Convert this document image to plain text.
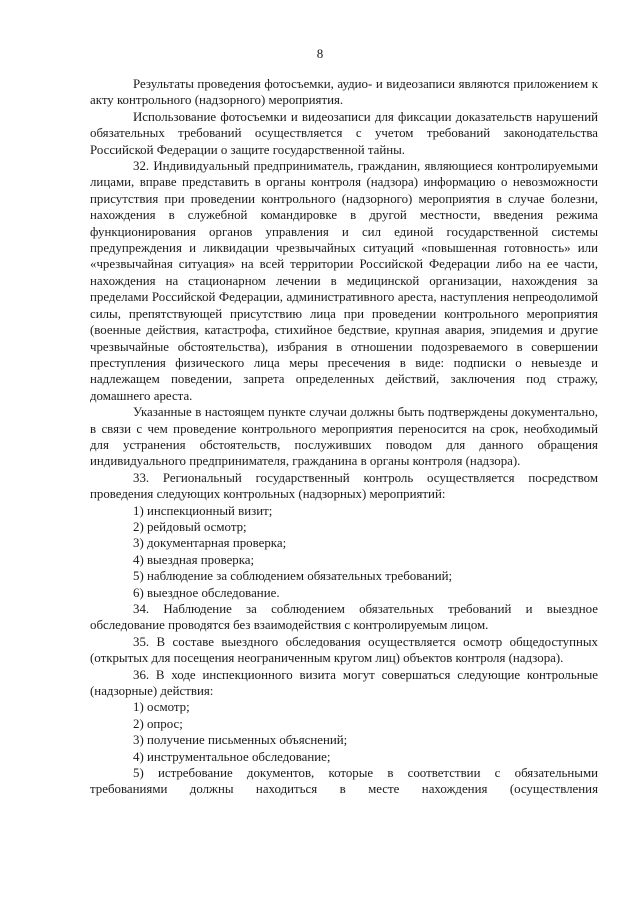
8

Результаты проведения фотосъемки, аудио- и видеозаписи являются приложением к акту контрольного (надзорного) мероприятия.

Использование фотосъемки и видеозаписи для фиксации доказательств нарушений обязательных требований осуществляется с учетом требований законодательства Российской Федерации о защите государственной тайны.

32. Индивидуальный предприниматель, гражданин, являющиеся контролируемыми лицами, вправе представить в органы контроля (надзора) информацию о невозможности присутствия при проведении контрольного (надзорного) мероприятия в случае болезни, нахождения в служебной командировке в другой местности, введения режима функционирования органов управления и сил единой государственной системы предупреждения и ликвидации чрезвычайных ситуаций «повышенная готовность» или «чрезвычайная ситуация» на всей территории Российской Федерации либо на ее части, нахождения на стационарном лечении в медицинской организации, нахождения за пределами Российской Федерации, административного ареста, наступления непреодолимой силы, препятствующей присутствию лица при проведении контрольного мероприятия (военные действия, катастрофа, стихийное бедствие, крупная авария, эпидемия и другие чрезвычайные обстоятельства), избрания в отношении подозреваемого в совершении преступления физического лица меры пресечения в виде: подписки о невыезде и надлежащем поведении, запрета определенных действий, заключения под стражу, домашнего ареста.

Указанные в настоящем пункте случаи должны быть подтверждены документально, в связи с чем проведение контрольного мероприятия переносится на срок, необходимый для устранения обстоятельств, послуживших поводом для данного обращения индивидуального предпринимателя, гражданина в органы контроля (надзора).

33. Региональный государственный контроль осуществляется посредством проведения следующих контрольных (надзорных) мероприятий:

1) инспекционный визит;

2) рейдовый осмотр;

3) документарная проверка;

4) выездная проверка;

5) наблюдение за соблюдением обязательных требований;

6) выездное обследование.

34. Наблюдение за соблюдением обязательных требований и выездное обследование проводятся без взаимодействия с контролируемым лицом.

35. В составе выездного обследования осуществляется осмотр общедоступных (открытых для посещения неограниченным кругом лиц) объектов контроля (надзора).

36. В ходе инспекционного визита могут совершаться следующие контрольные (надзорные) действия:

1) осмотр;

2) опрос;

3) получение письменных объяснений;

4) инструментальное обследование;

5) истребование документов, которые в соответствии с обязательными требованиями должны находиться в месте нахождения (осуществления
